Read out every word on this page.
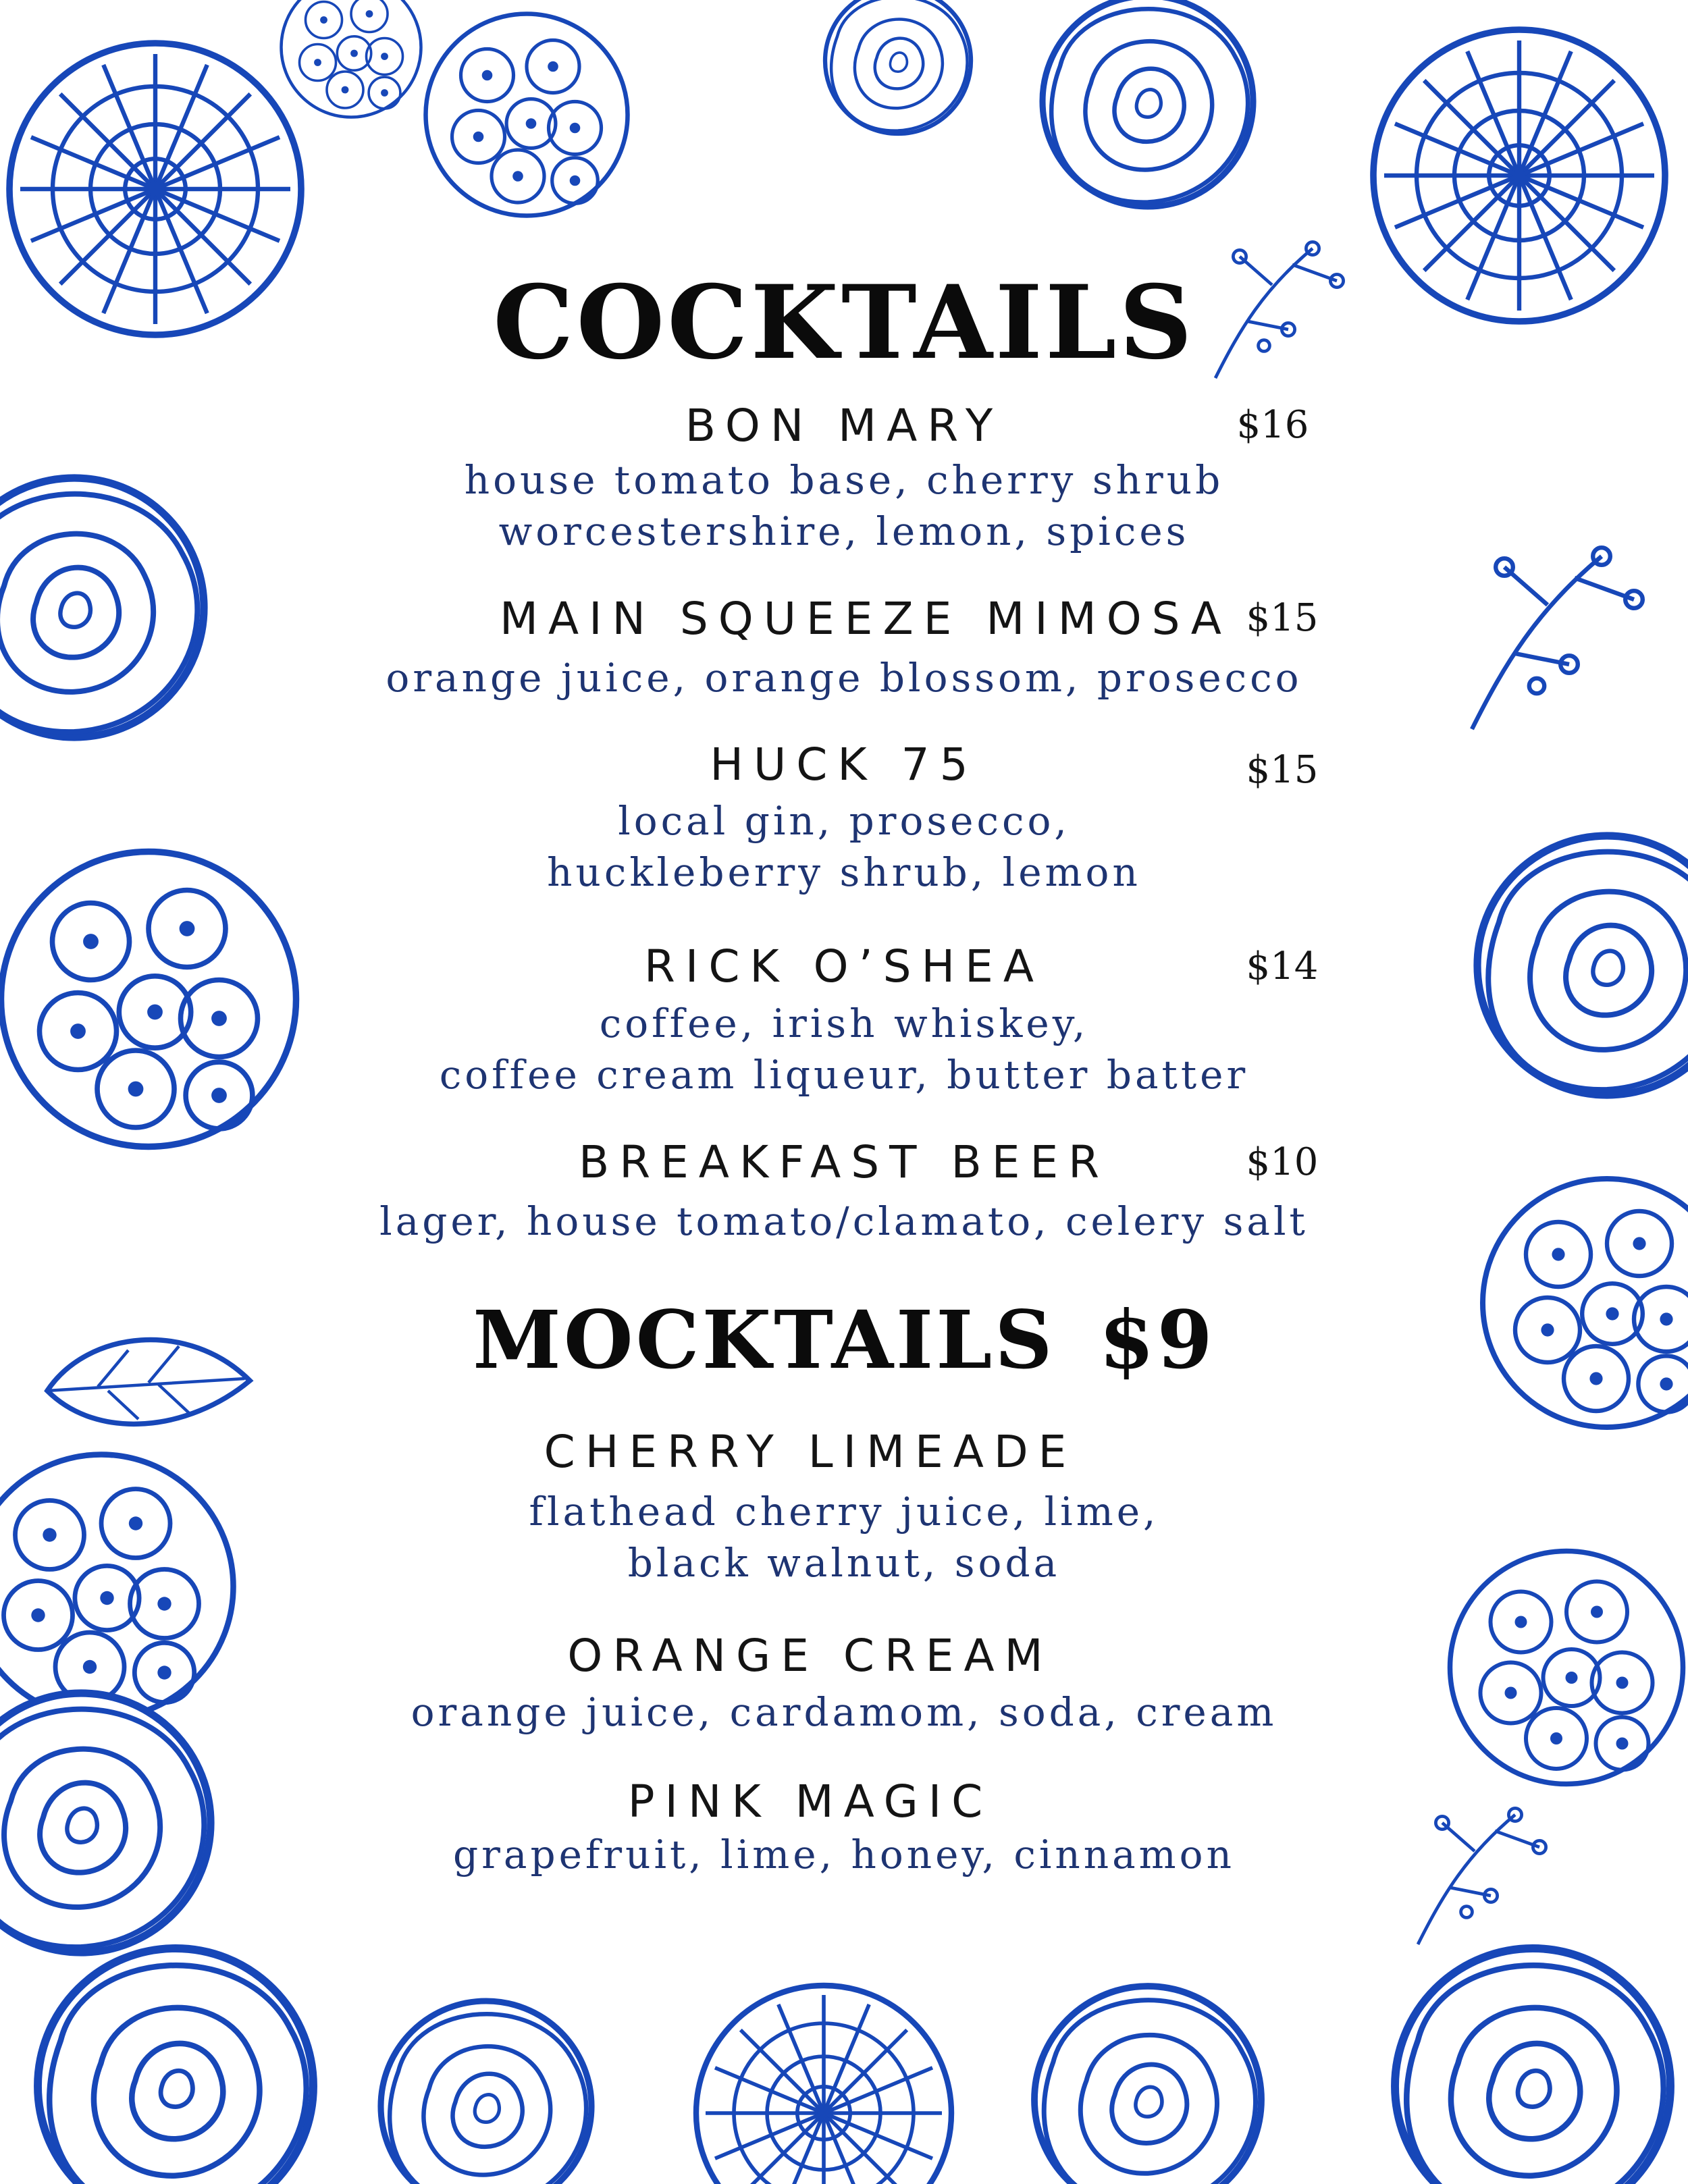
COCKTAILS

BON MARY	$16

house tomato base, cherry shrub

worcestershire, lemon, spices

MAIN SQUEEZE MIMOSA $15

orange juice, orange blossom, prosecco

HUCK 75	$15

local gin, prosecco,

huckleberry shrub, lemon

RICK O’SHEA	$14

coffee, irish whiskey,

coffee cream liqueur, butter batter

BREAKFAST BEER	$10

lager, house tomato/clamato, celery salt

MOCKTAILS $9

CHERRY LIMEADE

flathead cherry juice, lime,

black walnut, soda

ORANGE CREAM

orange juice, cardamom, soda, cream

PINK MAGIC

grapefruit, lime, honey, cinnamon
